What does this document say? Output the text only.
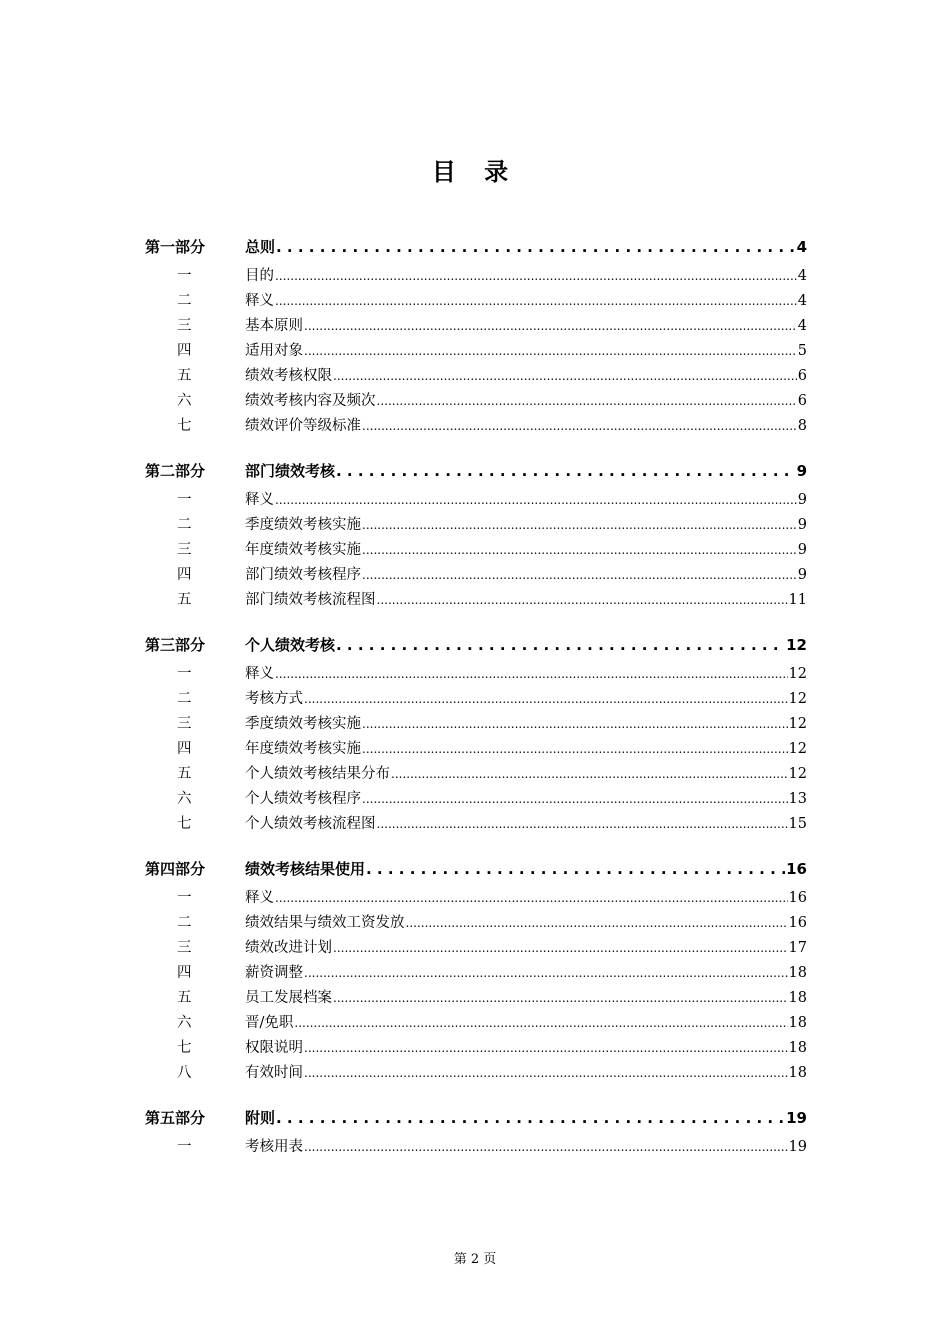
目 录
第一部分	总则 . . .	4
一	目的 .....	4
二	释义 .....	4
三	基本原则 .....	4
四	适用对象 .....	5
五	绩效考核权限 .....	6
六	绩效考核内容及频次 .....	6
七	绩效评价等级标准 .....	8
第二部分	部门绩效考核 . . .	9
一	释义 .....	9
二	季度绩效考核实施 .....	9
三	年度绩效考核实施 .....	9
四	部门绩效考核程序 .....	9
五	部门绩效考核流程图 .....	11
第三部分	个人绩效考核 . . .	12
一	释义 .....	12
二	考核方式 .....	12
三	季度绩效考核实施 .....	12
四	年度绩效考核实施 .....	12
五	个人绩效考核结果分布 .....	12
六	个人绩效考核程序 .....	13
七	个人绩效考核流程图 .....	15
第四部分	绩效考核结果使用 . . .	16
一	释义 .....	16
二	绩效结果与绩效工资发放 .....	16
三	绩效改进计划 .....	17
四	薪资调整 .....	18
五	员工发展档案 .....	18
六	晋/免职 .....	18
七	权限说明 .....	18
八	有效时间 .....	18
第五部分	附则 . . .	19
一	考核用表 .....	19
第 2 页
